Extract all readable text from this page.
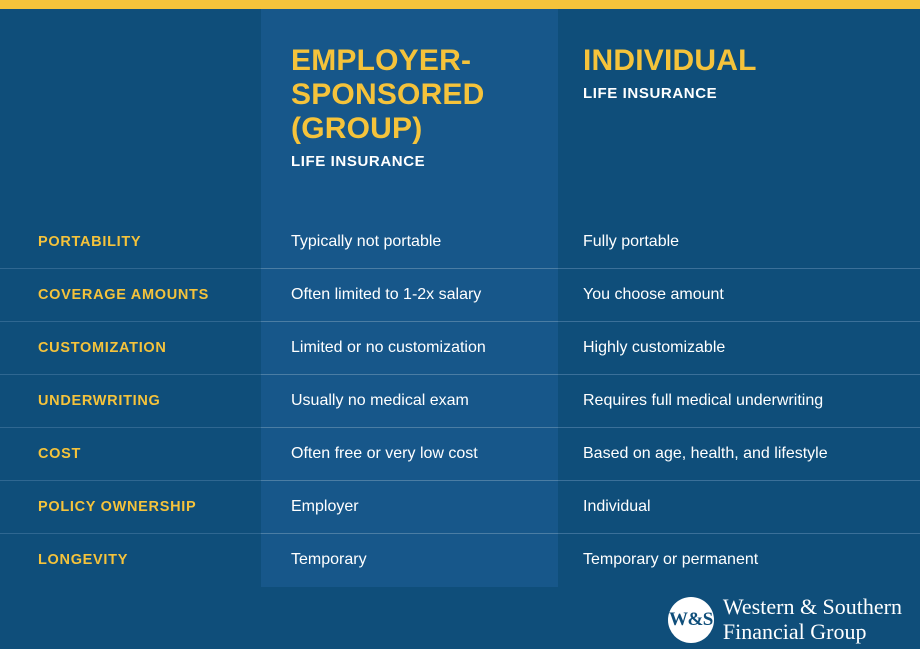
EMPLOYER-SPONSORED (GROUP)
LIFE INSURANCE

INDIVIDUAL
LIFE INSURANCE

PORTABILITY	Typically not portable	Fully portable
COVERAGE AMOUNTS	Often limited to 1-2x salary	You choose amount
CUSTOMIZATION	Limited or no customization	Highly customizable
UNDERWRITING	Usually no medical exam	Requires full medical underwriting
COST	Often free or very low cost	Based on age, health, and lifestyle
POLICY OWNERSHIP	Employer	Individual
LONGEVITY	Temporary	Temporary or permanent
W&S
Western & Southern
Financial Group
